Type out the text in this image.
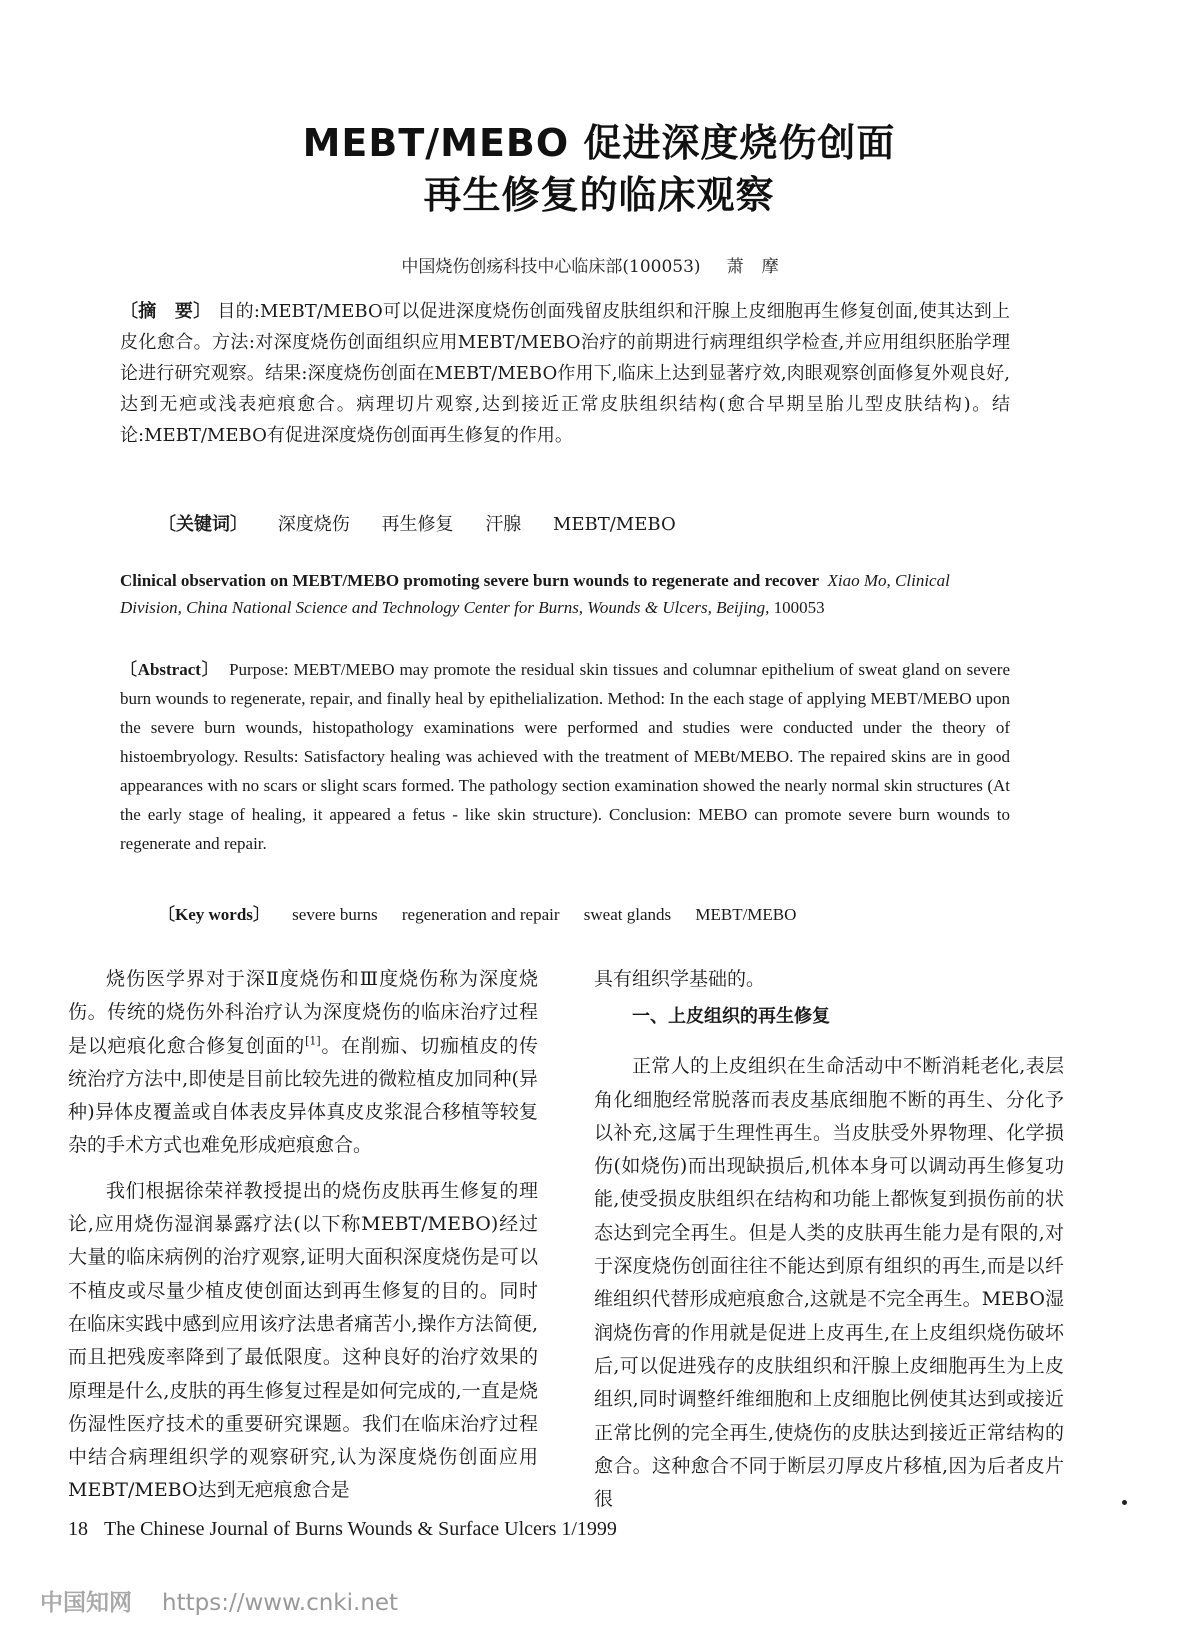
MEBT/MEBO 促进深度烧伤创面
再生修复的临床观察
中国烧伤创疡科技中心临床部(100053) 萧摩
〔摘　要〕 目的:MEBT/MEBO可以促进深度烧伤创面残留皮肤组织和汗腺上皮细胞再生修复创面,使其达到上皮化愈合。方法:对深度烧伤创面组织应用MEBT/MEBO治疗的前期进行病理组织学检查,并应用组织胚胎学理论进行研究观察。结果:深度烧伤创面在MEBT/MEBO作用下,临床上达到显著疗效,肉眼观察创面修复外观良好,达到无疤或浅表疤痕愈合。病理切片观察,达到接近正常皮肤组织结构(愈合早期呈胎儿型皮肤结构)。结论:MEBT/MEBO有促进深度烧伤创面再生修复的作用。
〔关键词〕 深度烧伤 再生修复 汗腺 MEBT/MEBO
Clinical observation on MEBT/MEBO promoting severe burn wounds to regenerate and recover Xiao Mo, Clinical Division, China National Science and Technology Center for Burns, Wounds & Ulcers, Beijing, 100053
〔Abstract〕 Purpose: MEBT/MEBO may promote the residual skin tissues and columnar epithelium of sweat gland on severe burn wounds to regenerate, repair, and finally heal by epithelialization. Method: In the each stage of applying MEBT/MEBO upon the severe burn wounds, histopathology examinations were performed and studies were conducted under the theory of histoembryology. Results: Satisfactory healing was achieved with the treatment of MEBt/MEBO. The repaired skins are in good appearances with no scars or slight scars formed. The pathology section examination showed the nearly normal skin structures (At the early stage of healing, it appeared a fetus - like skin structure). Conclusion: MEBO can promote severe burn wounds to regenerate and repair.
〔Key words〕 severe burns regeneration and repair sweat glands MEBT/MEBO

烧伤医学界对于深Ⅱ度烧伤和Ⅲ度烧伤称为深度烧伤。传统的烧伤外科治疗认为深度烧伤的临床治疗过程是以疤痕化愈合修复创面的[1]。在削痂、切痂植皮的传统治疗方法中,即使是目前比较先进的微粒植皮加同种(异种)异体皮覆盖或自体表皮异体真皮皮浆混合移植等较复杂的手术方式也难免形成疤痕愈合。

我们根据徐荣祥教授提出的烧伤皮肤再生修复的理论,应用烧伤湿润暴露疗法(以下称MEBT/MEBO)经过大量的临床病例的治疗观察,证明大面积深度烧伤是可以不植皮或尽量少植皮使创面达到再生修复的目的。同时在临床实践中感到应用该疗法患者痛苦小,操作方法简便,而且把残废率降到了最低限度。这种良好的治疗效果的原理是什么,皮肤的再生修复过程是如何完成的,一直是烧伤湿性医疗技术的重要研究课题。我们在临床治疗过程中结合病理组织学的观察研究,认为深度烧伤创面应用MEBT/MEBO达到无疤痕愈合是

具有组织学基础的。

一、上皮组织的再生修复

正常人的上皮组织在生命活动中不断消耗老化,表层角化细胞经常脱落而表皮基底细胞不断的再生、分化予以补充,这属于生理性再生。当皮肤受外界物理、化学损伤(如烧伤)而出现缺损后,机体本身可以调动再生修复功能,使受损皮肤组织在结构和功能上都恢复到损伤前的状态达到完全再生。但是人类的皮肤再生能力是有限的,对于深度烧伤创面往往不能达到原有组织的再生,而是以纤维组织代替形成疤痕愈合,这就是不完全再生。MEBO湿润烧伤膏的作用就是促进上皮再生,在上皮组织烧伤破坏后,可以促进残存的皮肤组织和汗腺上皮细胞再生为上皮组织,同时调整纤维细胞和上皮细胞比例使其达到或接近正常比例的完全再生,使烧伤的皮肤达到接近正常结构的愈合。这种愈合不同于断层刃厚皮片移植,因为后者皮片很

18 The Chinese Journal of Burns Wounds & Surface Ulcers 1/1999
中国知网 https://www.cnki.net
